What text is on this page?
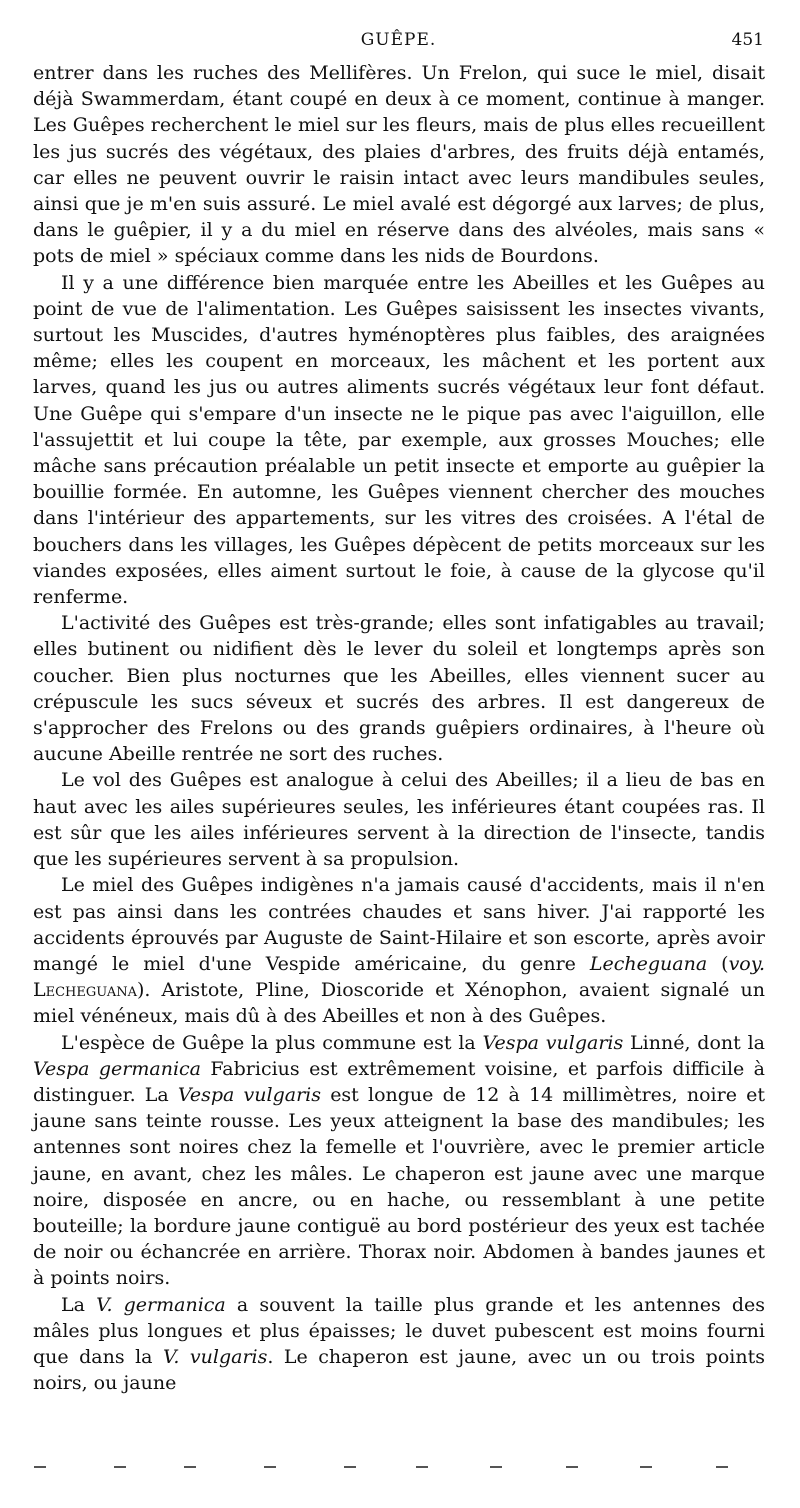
GUÊPE.	451

entrer dans les ruches des Mellifères. Un Frelon, qui suce le miel, disait déjà Swammerdam, étant coupé en deux à ce moment, continue à manger. Les Guêpes recherchent le miel sur les fleurs, mais de plus elles recueillent les jus sucrés des végétaux, des plaies d'arbres, des fruits déjà entamés, car elles ne peuvent ouvrir le raisin intact avec leurs mandibules seules, ainsi que je m'en suis assuré. Le miel avalé est dégorgé aux larves; de plus, dans le guêpier, il y a du miel en réserve dans des alvéoles, mais sans « pots de miel » spéciaux comme dans les nids de Bourdons.

Il y a une différence bien marquée entre les Abeilles et les Guêpes au point de vue de l'alimentation. Les Guêpes saisissent les insectes vivants, surtout les Muscides, d'autres hyménoptères plus faibles, des araignées même; elles les coupent en morceaux, les mâchent et les portent aux larves, quand les jus ou autres aliments sucrés végétaux leur font défaut. Une Guêpe qui s'empare d'un insecte ne le pique pas avec l'aiguillon, elle l'assujettit et lui coupe la tête, par exemple, aux grosses Mouches; elle mâche sans précaution préalable un petit insecte et emporte au guêpier la bouillie formée. En automne, les Guêpes viennent chercher des mouches dans l'intérieur des appartements, sur les vitres des croisées. A l'étal de bouchers dans les villages, les Guêpes dépècent de petits morceaux sur les viandes exposées, elles aiment surtout le foie, à cause de la glycose qu'il renferme.

L'activité des Guêpes est très-grande; elles sont infatigables au travail; elles butinent ou nidifient dès le lever du soleil et longtemps après son coucher. Bien plus nocturnes que les Abeilles, elles viennent sucer au crépuscule les sucs séveux et sucrés des arbres. Il est dangereux de s'approcher des Frelons ou des grands guêpiers ordinaires, à l'heure où aucune Abeille rentrée ne sort des ruches.

Le vol des Guêpes est analogue à celui des Abeilles; il a lieu de bas en haut avec les ailes supérieures seules, les inférieures étant coupées ras. Il est sûr que les ailes inférieures servent à la direction de l'insecte, tandis que les supérieures servent à sa propulsion.

Le miel des Guêpes indigènes n'a jamais causé d'accidents, mais il n'en est pas ainsi dans les contrées chaudes et sans hiver. J'ai rapporté les accidents éprouvés par Auguste de Saint-Hilaire et son escorte, après avoir mangé le miel d'une Vespide américaine, du genre Lecheguana (voy. Lecheguana). Aristote, Pline, Dioscoride et Xénophon, avaient signalé un miel vénéneux, mais dû à des Abeilles et non à des Guêpes.

L'espèce de Guêpe la plus commune est la Vespa vulgaris Linné, dont la Vespa germanica Fabricius est extrêmement voisine, et parfois difficile à distinguer. La Vespa vulgaris est longue de 12 à 14 millimètres, noire et jaune sans teinte rousse. Les yeux atteignent la base des mandibules; les antennes sont noires chez la femelle et l'ouvrière, avec le premier article jaune, en avant, chez les mâles. Le chaperon est jaune avec une marque noire, disposée en ancre, ou en hache, ou ressemblant à une petite bouteille; la bordure jaune contiguë au bord postérieur des yeux est tachée de noir ou échancrée en arrière. Thorax noir. Abdomen à bandes jaunes et à points noirs.

La V. germanica a souvent la taille plus grande et les antennes des mâles plus longues et plus épaisses; le duvet pubescent est moins fourni que dans la V. vulgaris. Le chaperon est jaune, avec un ou trois points noirs, ou jaune
